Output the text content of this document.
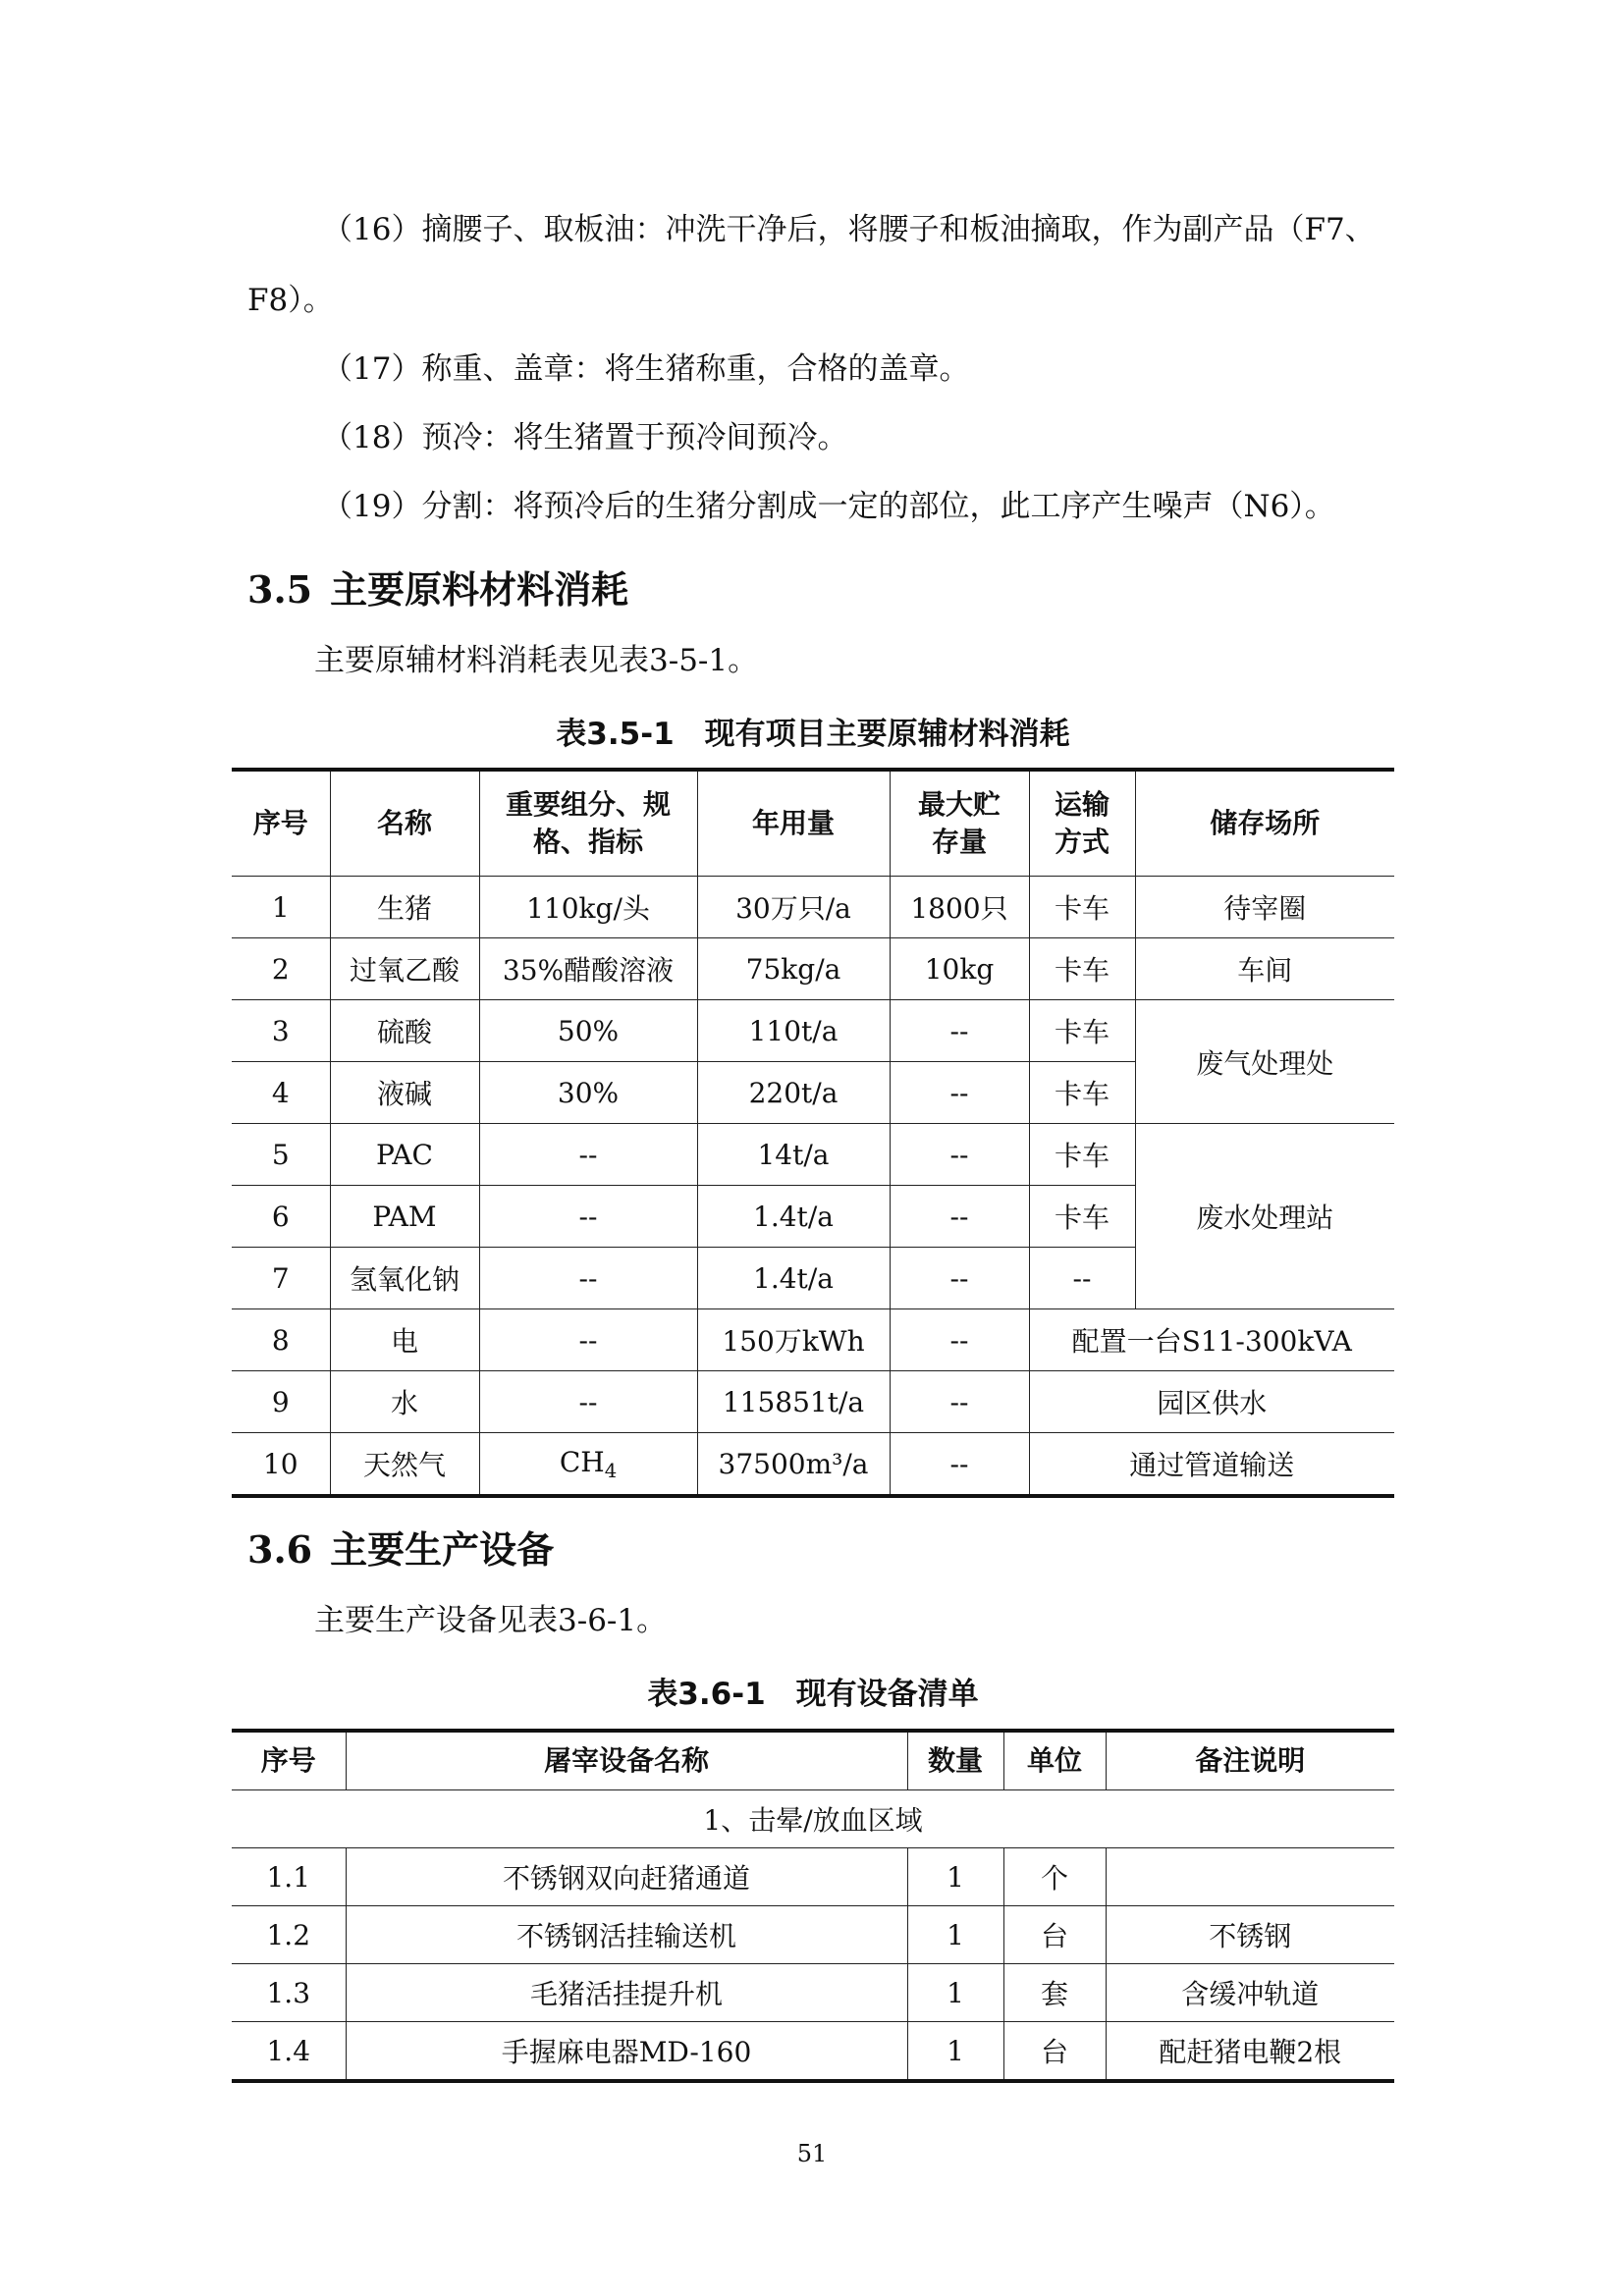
（16）摘腰子、取板油：冲洗干净后，将腰子和板油摘取，作为副产品（F7、
F8）。
（17）称重、盖章：将生猪称重，合格的盖章。
（18）预冷：将生猪置于预冷间预冷。
（19）分割：将预冷后的生猪分割成一定的部位，此工序产生噪声（N6）。
3.5 主要原料材料消耗
主要原辅材料消耗表见表3-5-1。
表3.5-1　现有项目主要原辅材料消耗
序号	名称	重要组分、规格、指标	年用量	最大贮存量	运输方式	储存场所
1	生猪	110kg/头	30万只/a	1800只	卡车	待宰圈
2	过氧乙酸	35%醋酸溶液	75kg/a	10kg	卡车	车间
3	硫酸	50%	110t/a	--	卡车	废气处理处
4	液碱	30%	220t/a	--	卡车	
5	PAC	--	14t/a	--	卡车	废水处理站
6	PAM	--	1.4t/a	--	卡车	
7	氢氧化钠	--	1.4t/a	--	--	
8	电	--	150万kWh	--	配置一台S11-300kVA	
9	水	--	115851t/a	--	园区供水	
10	天然气	$CH_4$	37500m³/a	--	通过管道输送	
3.6 主要生产设备
主要生产设备见表3-6-1。
表3.6-1　现有设备清单
序号	屠宰设备名称	数量	单位	备注说明
1、击晕/放血区域				
1.1	不锈钢双向赶猪通道	1	个	
1.2	不锈钢活挂输送机	1	台	不锈钢
1.3	毛猪活挂提升机	1	套	含缓冲轨道
1.4	手握麻电器MD-160	1	台	配赶猪电鞭2根
51
